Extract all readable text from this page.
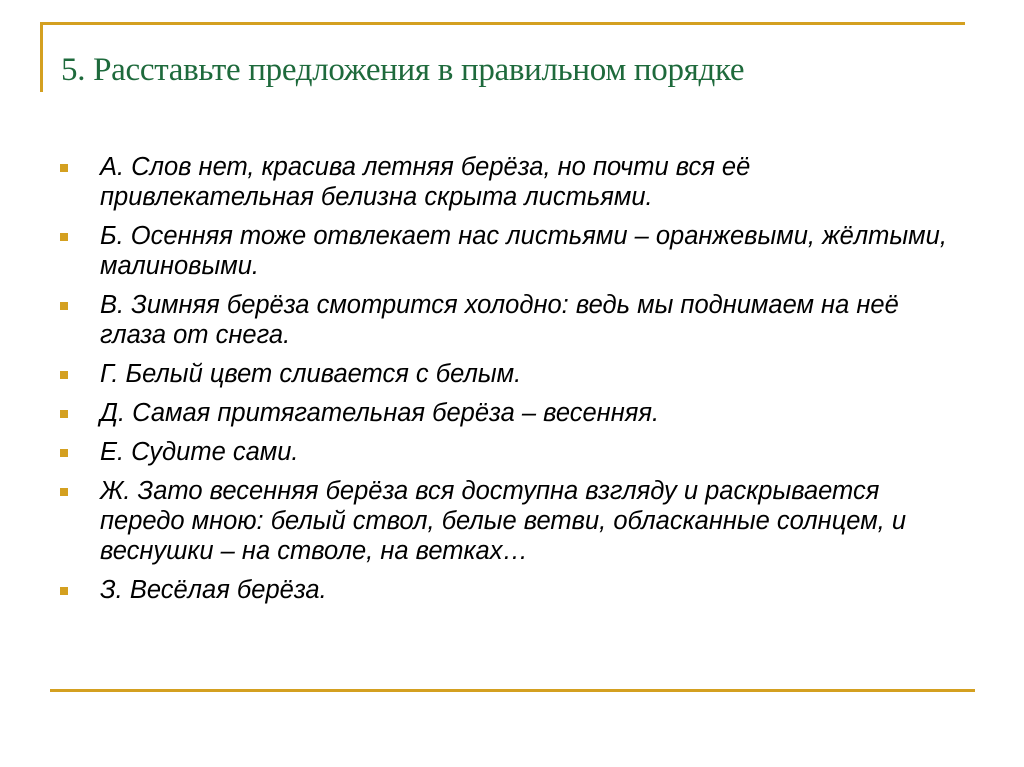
5. Расставьте предложения в правильном порядке
А. Слов нет, красива летняя берёза, но почти вся её привлекательная белизна скрыта листьями.
Б. Осенняя тоже отвлекает нас листьями – оранжевыми, жёлтыми, малиновыми.
В. Зимняя берёза смотрится холодно: ведь мы поднимаем на неё глаза от снега.
Г. Белый цвет сливается с белым.
Д. Самая притягательная берёза – весенняя.
Е. Судите сами.
Ж. Зато весенняя берёза вся доступна взгляду и раскрывается передо мною: белый ствол, белые ветви, обласканные солнцем, и веснушки – на стволе, на ветках…
З. Весёлая берёза.
